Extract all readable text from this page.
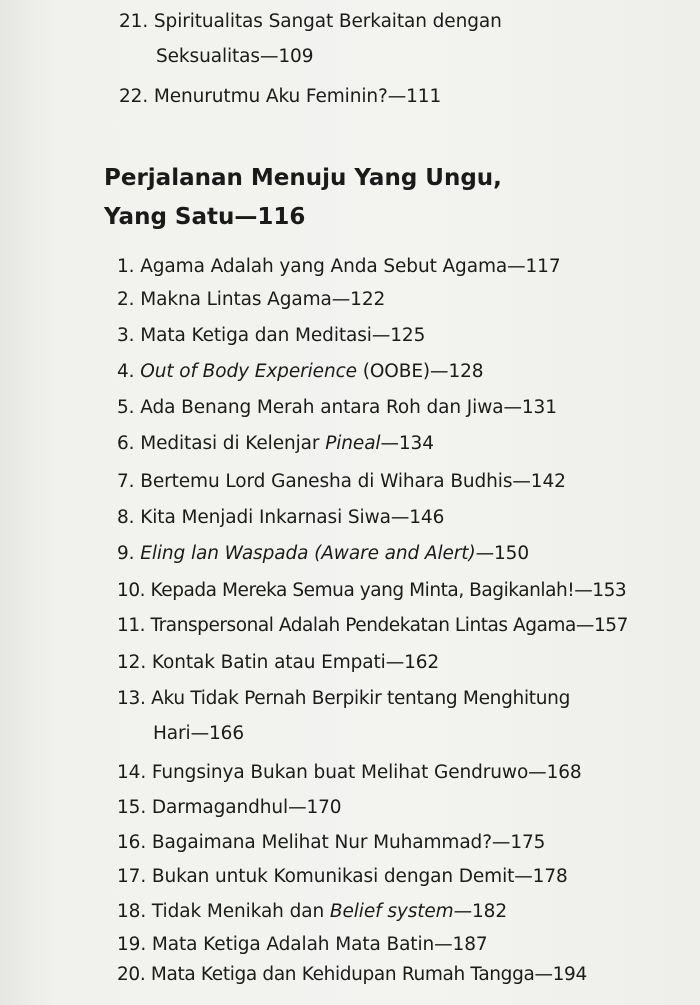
21. Spiritualitas Sangat Berkaitan dengan
Seksualitas—109
22. Menurutmu Aku Feminin?—111
Perjalanan Menuju Yang Ungu,
Yang Satu—116
1. Agama Adalah yang Anda Sebut Agama—117
2. Makna Lintas Agama—122
3. Mata Ketiga dan Meditasi—125
4. Out of Body Experience (OOBE)—128
5. Ada Benang Merah antara Roh dan Jiwa—131
6. Meditasi di Kelenjar Pineal—134
7. Bertemu Lord Ganesha di Wihara Budhis—142
8. Kita Menjadi Inkarnasi Siwa—146
9. Eling lan Waspada (Aware and Alert)—150
10. Kepada Mereka Semua yang Minta, Bagikanlah!—153
11. Transpersonal Adalah Pendekatan Lintas Agama—157
12. Kontak Batin atau Empati—162
13. Aku Tidak Pernah Berpikir tentang Menghitung
Hari—166
14. Fungsinya Bukan buat Melihat Gendruwo—168
15. Darmagandhul—170
16. Bagaimana Melihat Nur Muhammad?—175
17. Bukan untuk Komunikasi dengan Demit—178
18. Tidak Menikah dan Belief system—182
19. Mata Ketiga Adalah Mata Batin—187
20. Mata Ketiga dan Kehidupan Rumah Tangga—194
